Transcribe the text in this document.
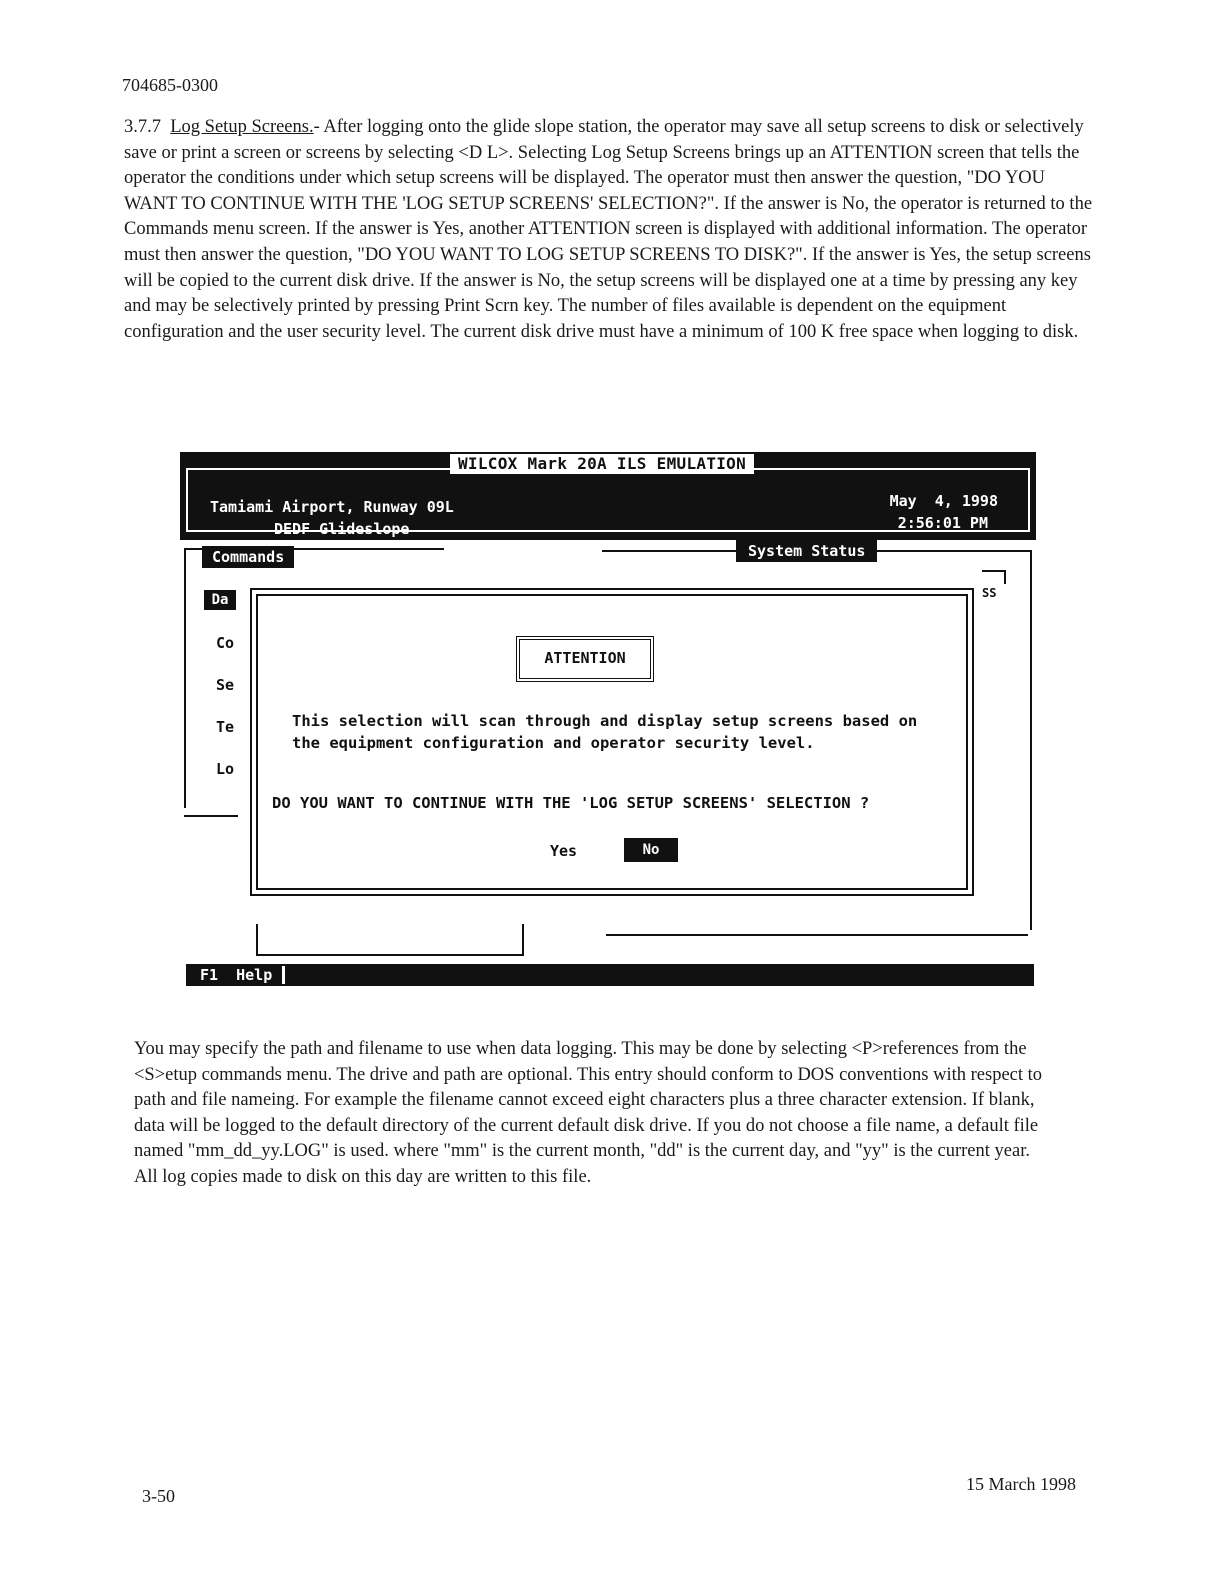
704685-0300

3.7.7 Log Setup Screens.- After logging onto the glide slope station, the operator may save all setup screens to disk or selectively save or print a screen or screens by selecting <D L>. Selecting Log Setup Screens brings up an ATTENTION screen that tells the operator the conditions under which setup screens will be displayed. The operator must then answer the question, "DO YOU WANT TO CONTINUE WITH THE 'LOG SETUP SCREENS' SELECTION?". If the answer is No, the operator is returned to the Commands menu screen. If the answer is Yes, another ATTENTION screen is displayed with additional information. The operator must then answer the question, "DO YOU WANT TO LOG SETUP SCREENS TO DISK?". If the answer is Yes, the setup screens will be copied to the current disk drive. If the answer is No, the setup screens will be displayed one at a time by pressing any key and may be selectively printed by pressing Print Scrn key. The number of files available is dependent on the equipment configuration and the user security level. The current disk drive must have a minimum of 100 K free space when logging to disk.

Tamiami Airport, Runway 09L
DEDF Glideslope
May  4, 1998
2:56:01 PM
WILCOX Mark 20A ILS EMULATION
Commands
Da
Co
Se
Te
Lo
System Status
SS
ATTENTION
This selection will scan through and display setup screens based on the equipment configuration and operator security level.
DO YOU WANT TO CONTINUE WITH THE 'LOG SETUP SCREENS' SELECTION ?
Yes	No
F1 Help

You may specify the path and filename to use when data logging. This may be done by selecting <P>references from the <S>etup commands menu. The drive and path are optional. This entry should conform to DOS conventions with respect to path and file nameing. For example the filename cannot exceed eight characters plus a three character extension. If blank, data will be logged to the default directory of the current default disk drive. If you do not choose a file name, a default file named "mm_dd_yy.LOG" is used. where "mm" is the current month, "dd" is the current day, and "yy" is the current year. All log copies made to disk on this day are written to this file.

3-50
15 March 1998
